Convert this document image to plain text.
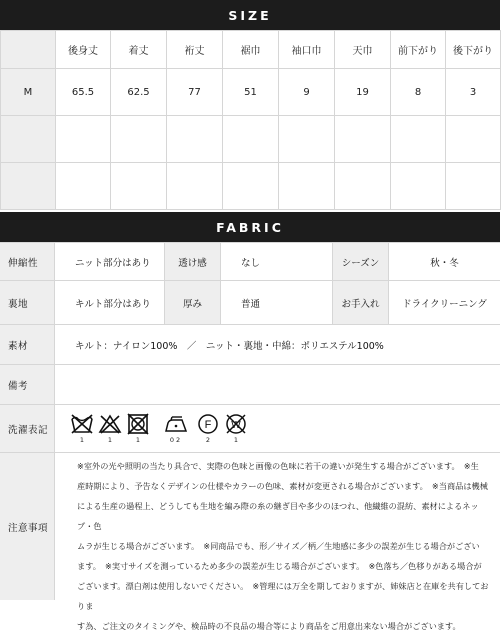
SIZE
	後身丈	着丈	裄丈	裾巾	袖口巾	天巾	前下がり	後下がり
M	65.5	62.5	77	51	9	19	8	3

FABRIC
伸縮性	ニット部分はあり	透け感	なし	シーズン	秋・冬
裏地	キルト部分はあり	厚み	普通	お手入れ	ドライクリーニング
素材	キルト：ナイロン100%　／　ニット・裏地・中綿：ポリエステル100%
備考
洗濯表記
1	1	1	0 2
F
2
W
1
注意事項
※室外の光や照明の当たり具合で、実際の色味と画像の色味に若干の違いが発生する場合がございます。　※生
産時期により、予告なくデザインの仕様やカラーの色味、素材が変更される場合がございます。　※当商品は機械
による生産の過程上、どうしても生地を編み際の糸の継ぎ目や多少のほつれ、他繊維の混紡、素材によるネップ・色
ムラが生じる場合がございます。　※同商品でも、形／サイズ／柄／生地感に多少の誤差が生じる場合がござい
ます。　※実寸サイズを測っているため多少の誤差が生じる場合がございます。　※色落ち／色移りがある場合が
ございます。漂白剤は使用しないでください。　※管理には万全を期しておりますが、姉妹店と在庫を共有しておりま
す為、ご注文のタイミングや、検品時の不良品の場合等により商品をご用意出来ない場合がございます。
